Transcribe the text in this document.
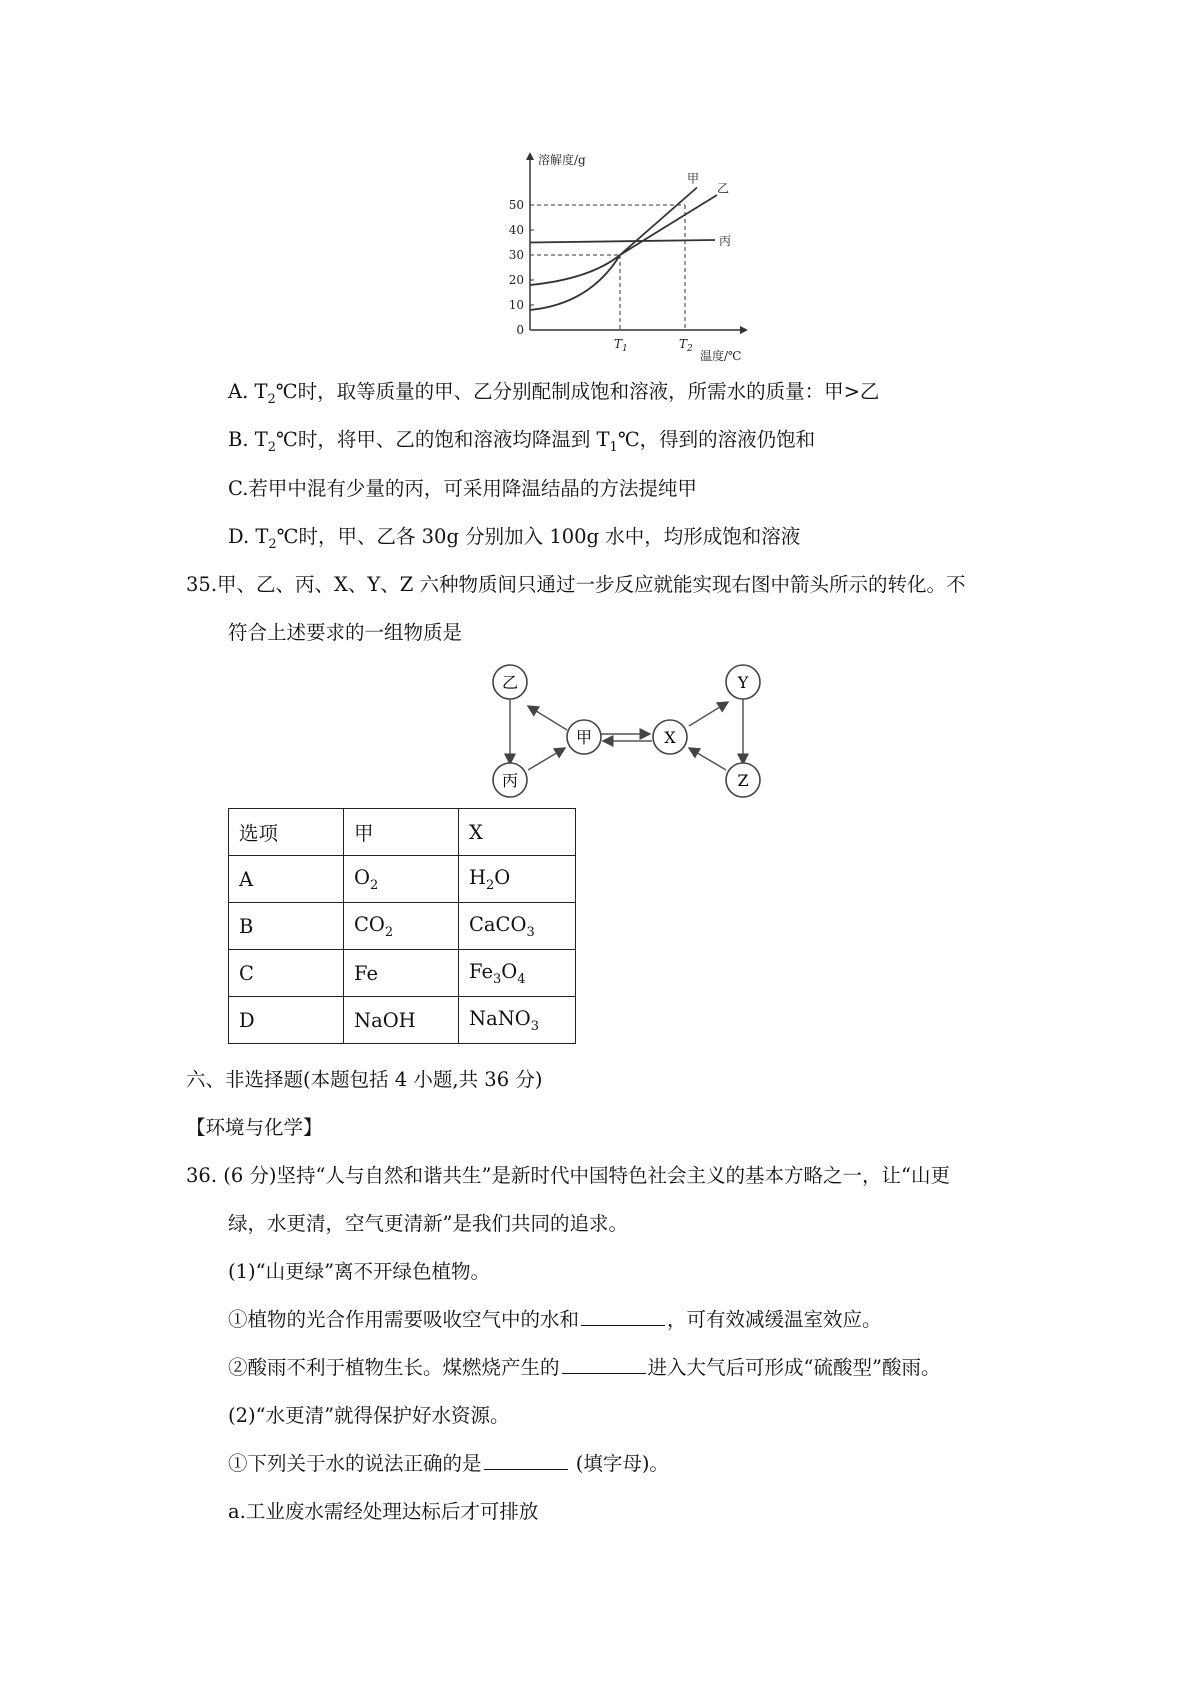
0
10
20
30
40
50
溶解度/g
温度/℃
$T_1$	$T_2$
甲
乙
丙
A. $T_2℃$时，取等质量的甲、乙分别配制成饱和溶液，所需水的质量：甲>乙
B. $T_2℃$时，将甲、乙的饱和溶液均降温到 $T_1℃$，得到的溶液仍饱和
C.若甲中混有少量的丙，可采用降温结晶的方法提纯甲
D. $T_2℃$时，甲、乙各 30g 分别加入 100g 水中，均形成饱和溶液
35.甲、乙、丙、X、Y、Z 六种物质间只通过一步反应就能实现右图中箭头所示的转化。不
符合上述要求的一组物质是
乙
丙
甲	X
Y
Z
选项	甲	X
A	$O_2$	$H_2O$
B	$CO_2$	CaCO$_3$
C	Fe	$Fe_3O_4$
D	NaOH	NaNO$_3$
六、非选择题(本题包括 4 小题,共 36 分)
【环境与化学】
36. (6 分)坚持“人与自然和谐共生”是新时代中国特色社会主义的基本方略之一，让“山更
绿，水更清，空气更清新”是我们共同的追求。
(1)“山更绿”离不开绿色植物。
①植物的光合作用需要吸收空气中的水和	，可有效减缓温室效应。
②酸雨不利于植物生长。煤燃烧产生的	进入大气后可形成“硫酸型”酸雨。
(2)“水更清”就得保护好水资源。
①下列关于水的说法正确的是	(填字母)。
a.工业废水需经处理达标后才可排放
